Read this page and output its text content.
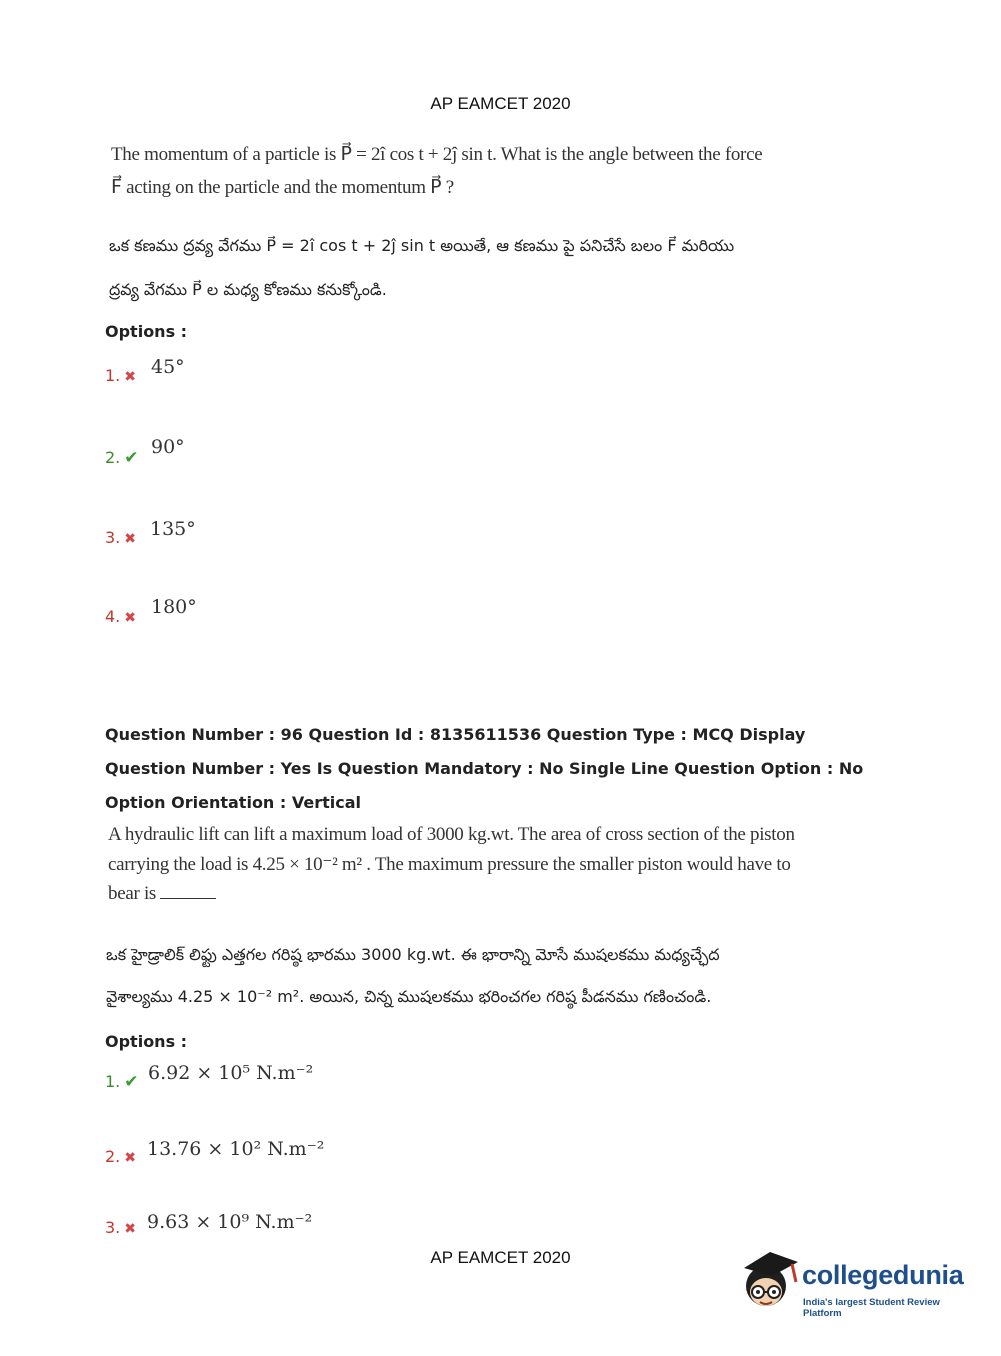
AP EAMCET 2020
The momentum of a particle is P⃗ = 2î cos t + 2ĵ sin t. What is the angle between the force
F⃗ acting on the particle and the momentum P⃗ ?
ఒక కణము ద్రవ్య వేగము P⃗ = 2î cos t + 2ĵ sin t అయితే, ఆ కణము పై పనిచేసే బలం F⃗ మరియు
ద్రవ్య వేగము P⃗ ల మధ్య కోణము కనుక్కోండి.
Options :
1. ✖ 45°
2. ✔ 90°
3. ✖ 135°
4. ✖ 180°
Question Number : 96 Question Id : 8135611536 Question Type : MCQ Display Question Number : Yes Is Question Mandatory : No Single Line Question Option : No Option Orientation : Vertical
A hydraulic lift can lift a maximum load of 3000 kg.wt. The area of cross section of the piston
carrying the load is 4.25 × 10⁻² m² . The maximum pressure the smaller piston would have to
bear is
ఒక హైడ్రాలిక్ లిఫ్టు ఎత్తగల గరిష్ఠ భారము 3000 kg.wt. ఈ భారాన్ని మోసే ముషలకము మధ్యచ్ఛేద
వైశాల్యము 4.25 × 10⁻² m². అయిన, చిన్న ముషలకము భరించగల గరిష్ఠ పీడనము గణించండి.
Options :
1. ✔ 6.92 × 10⁵ N.m⁻²
2. ✖ 13.76 × 10² N.m⁻²
3. ✖ 9.63 × 10⁹ N.m⁻²
AP EAMCET 2020
collegedunia
India's largest Student Review Platform
